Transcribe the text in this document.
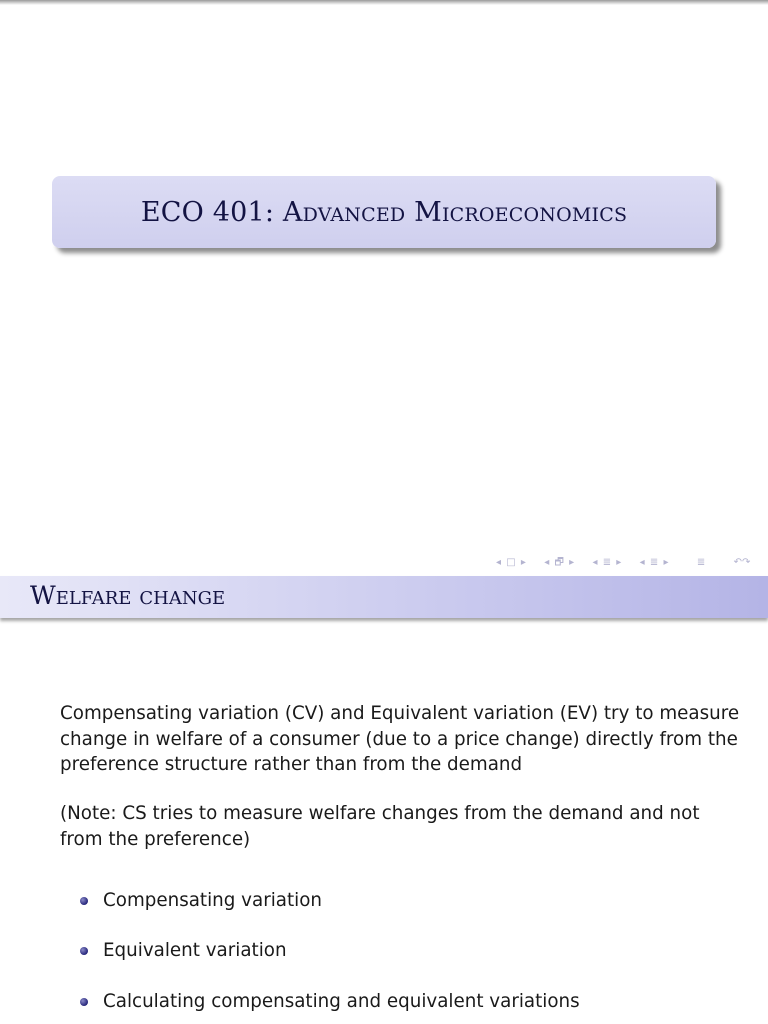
ECO 401: Advanced Microeconomics
◂ □ ▸ ◂ 🗗 ▸ ◂ ≣ ▸ ◂ ≣ ▸	≣	↶↷
Welfare change
Compensating variation (CV) and Equivalent variation (EV) try to measure change in welfare of a consumer (due to a price change) directly from the preference structure rather than from the demand
(Note: CS tries to measure welfare changes from the demand and not from the preference)
Compensating variation
Equivalent variation
Calculating compensating and equivalent variations
